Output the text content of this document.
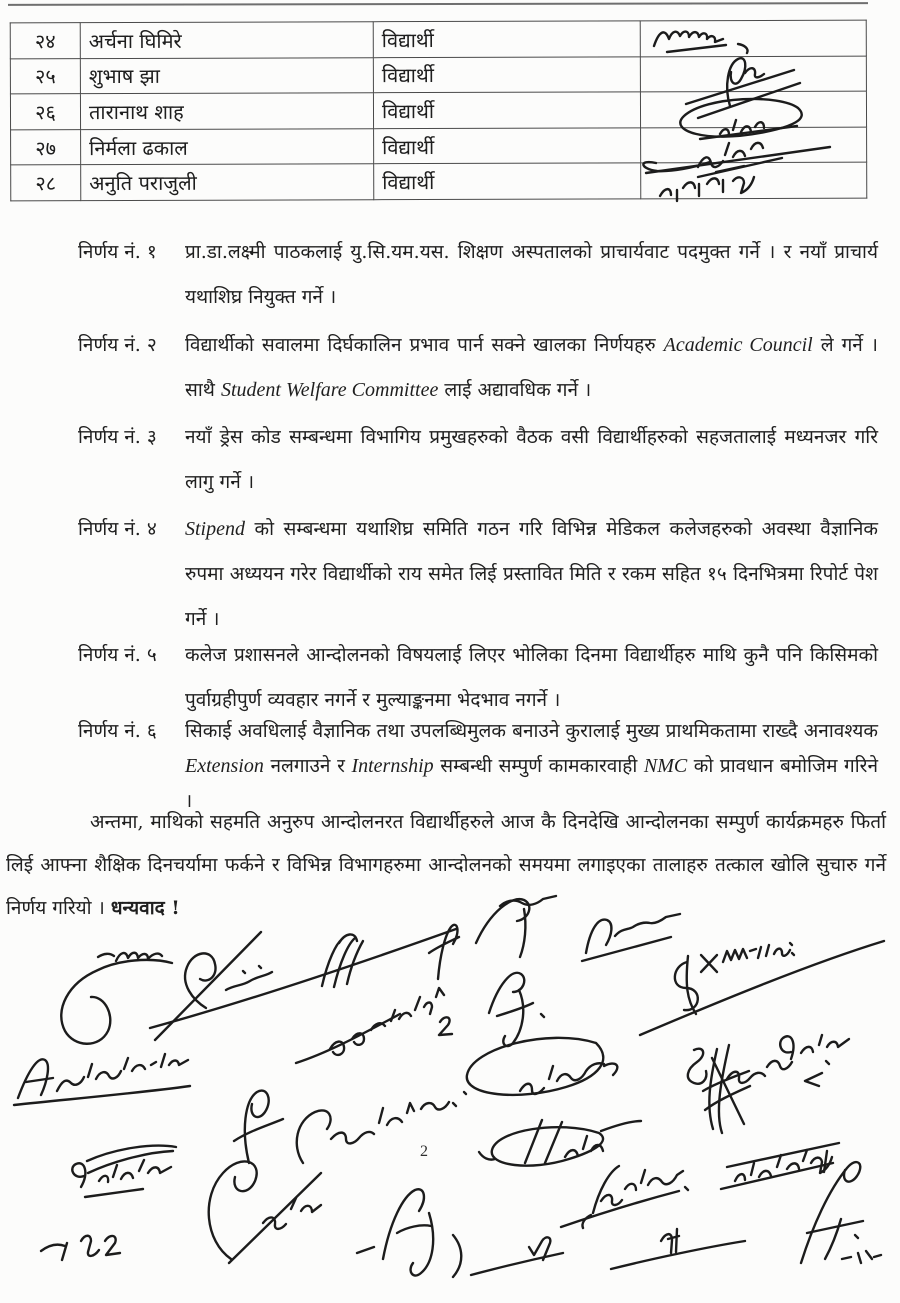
२४	अर्चना घिमिरे	विद्यार्थी	
२५	शुभाष झा	विद्यार्थी	
२६	तारानाथ शाह	विद्यार्थी	
२७	निर्मला ढकाल	विद्यार्थी	
२८	अनुति पराजुली	विद्यार्थी	
निर्णय नं. १	प्रा.डा.लक्ष्मी पाठकलाई यु.सि.यम.यस. शिक्षण अस्पतालको प्राचार्यवाट पदमुक्त गर्ने । र नयाँ प्राचार्य यथाशिघ्र नियुक्त गर्ने ।
निर्णय नं. २	विद्यार्थीको सवालमा दिर्घकालिन प्रभाव पार्न सक्ने खालका निर्णयहरु Academic Council ले गर्ने । साथै Student Welfare Committee लाई अद्यावधिक गर्ने ।
निर्णय नं. ३	नयाँ ड्रेस कोड सम्बन्धमा विभागिय प्रमुखहरुको वैठक वसी विद्यार्थीहरुको सहजतालाई मध्यनजर गरि लागु गर्ने ।
निर्णय नं. ४	Stipend को सम्बन्धमा यथाशिघ्र समिति गठन गरि विभिन्न मेडिकल कलेजहरुको अवस्था वैज्ञानिक रुपमा अध्ययन गरेर विद्यार्थीको राय समेत लिई प्रस्तावित मिति र रकम सहित १५ दिनभित्रमा रिपोर्ट पेश गर्ने ।
निर्णय नं. ५	कलेज प्रशासनले आन्दोलनको विषयलाई लिएर भोलिका दिनमा विद्यार्थीहरु माथि कुनै पनि किसिमको पुर्वाग्रहीपुर्ण व्यवहार नगर्ने र मुल्याङ्कनमा भेदभाव नगर्ने ।
निर्णय नं. ६	सिकाई अवधिलाई वैज्ञानिक तथा उपलब्धिमुलक बनाउने कुरालाई मुख्य प्राथमिकतामा राख्दै अनावश्यक Extension नलगाउने र Internship सम्बन्धी सम्पुर्ण कामकारवाही NMC को प्रावधान बमोजिम गरिने ।
अन्तमा, माथिको सहमति अनुरुप आन्दोलनरत विद्यार्थीहरुले आज कै दिनदेखि आन्दोलनका सम्पुर्ण कार्यक्रमहरु फिर्ता लिई आफ्ना शैक्षिक दिनचर्यामा फर्कने र विभिन्न विभागहरुमा आन्दोलनको समयमा लगाइएका तालाहरु तत्काल खोलि सुचारु गर्ने निर्णय गरियो । धन्यवाद !
2
